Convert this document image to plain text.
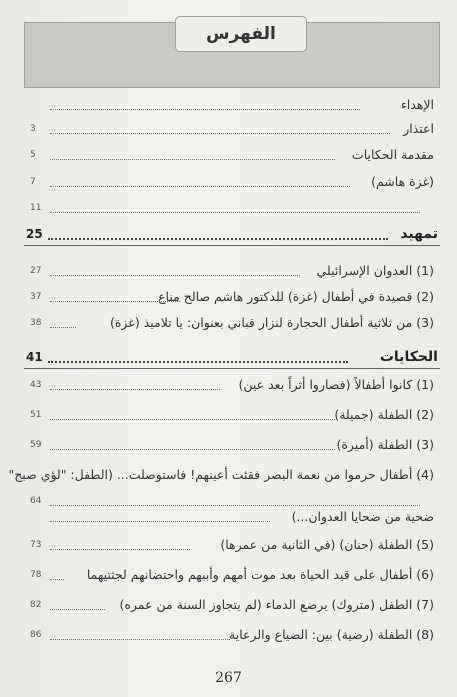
الفهرس
الإهداء
اعتذار
3
مقدمة الحكايات
5
(غزة هاشم)
7
11
تمهيد
25
(1) العدوان الإسرائيلي
27
(2) قصيدة في أطفال (غزة) للدكتور هاشم صالح مناع
37
(3) من ثلاثية أطفال الحجارة لنزار قباني بعنوان: يا تلاميذ (غزة)
38
الحكايات
41
(1) كانوا أطفالاً (فصاروا أثراً بعد عين)
43
(2) الطفلة (جميلة)
51
(3) الطفلة (أميرة)
59
(4) أطفال حرموا من نعمة البصر فقئت أعينهم! فاستوصلت... (الطفل: "لؤي صبح"
64
ضحية من ضحايا العدوان...)
(5) الطفلة (حنان) (في الثانية من عمرها)
73
(6) أطفال على قيد الحياة بعد موت أمهم وأبيهم واحتضانهم لجثتيهما
78
(7) الطفل (متروك) يرضع الدماء (لم يتجاوز السنة من عمره)
82
(8) الطفلة (رضية) بين: الضياع والرعاية
86
267
